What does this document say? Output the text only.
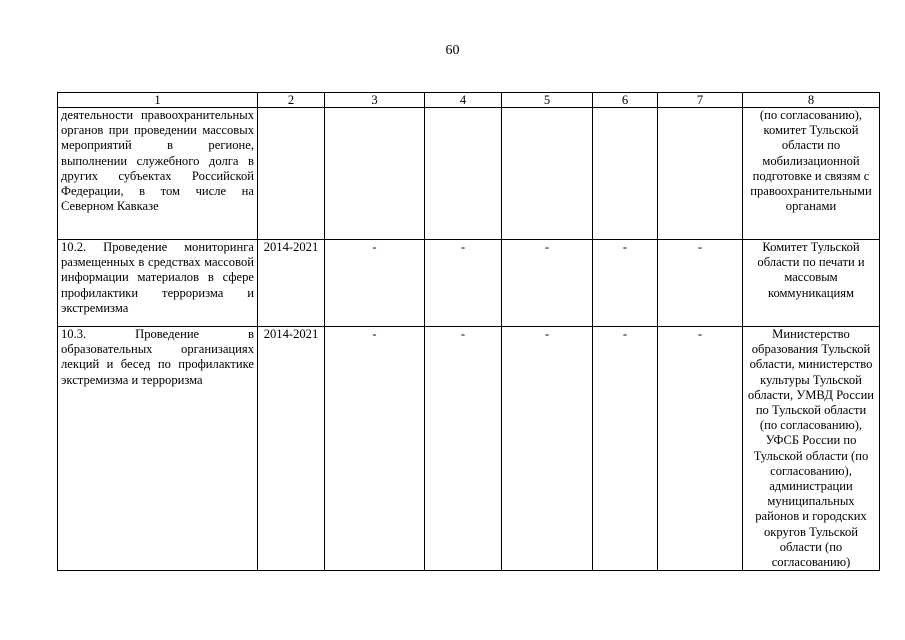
60
1	2	3	4	5	6	7	8
деятельности правоохранительных органов при проведении массовых мероприятий в регионе, выполнении служебного долга в других субъектах Российской Федерации, в том числе на Северном Кавказе							(по согласованию), комитет Тульской области по мобилизационной подготовке и связям с правоохранительными органами
10.2. Проведение мониторинга размещенных в средствах массовой информации материалов в сфере профилактики терроризма и экстремизма	2014-2021	-	-	-	-	-	Комитет Тульской области по печати и массовым коммуникациям
10.3. Проведение в образовательных организациях лекций и бесед по профилактике экстремизма и терроризма	2014-2021	-	-	-	-	-	Министерство образования Тульской области, министерство культуры Тульской области, УМВД России по Тульской области (по согласованию), УФСБ России по Тульской области (по согласованию), администрации муниципальных районов и городских округов Тульской области (по согласованию)
